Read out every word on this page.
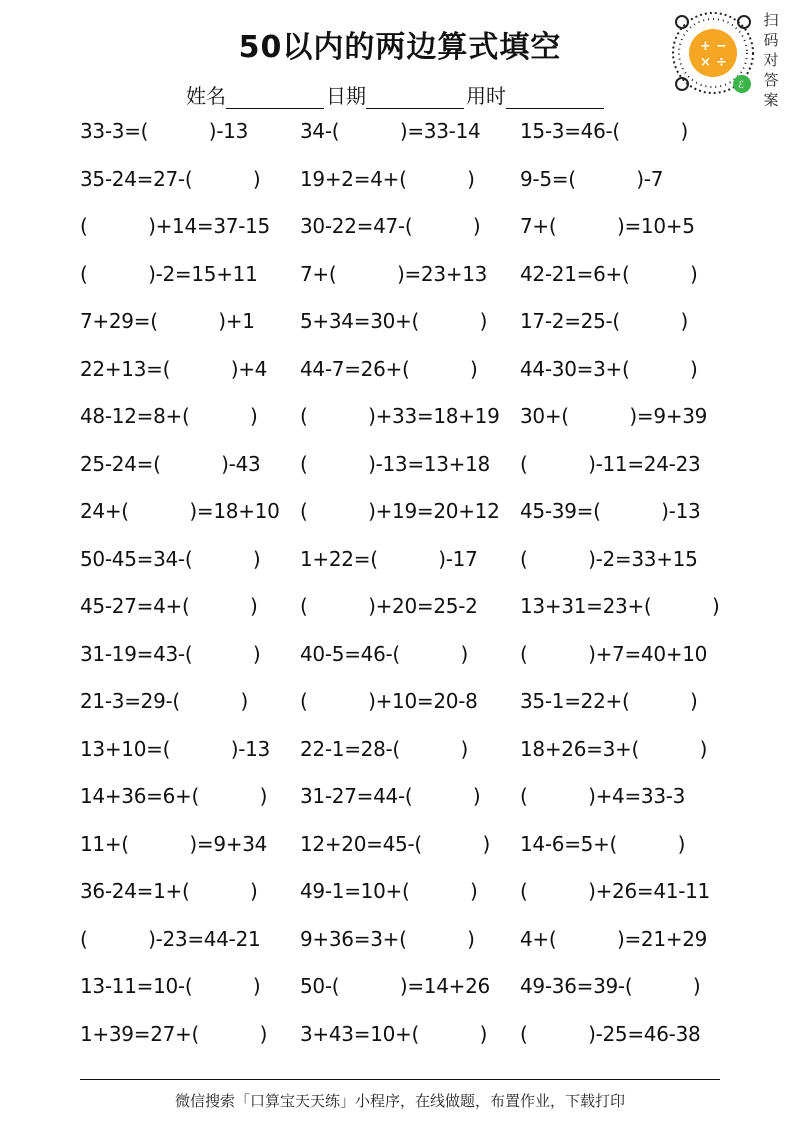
50以内的两边算式填空
姓名	日期	用时
+ −
× ÷
ℰ
扫
码
对
答
案
33-3=(          )-13	34-(          )=33-14 15-3=46-(          )
35-24=27-(          ) 19+2=4+(          ) 9-5=(          )-7
(          )+14=37-15 30-22=47-(          ) 7+(          )=10+5
(          )-2=15+11 7+(          )=23+13 42-21=6+(          )
7+29=(          )+1 5+34=30+(          ) 17-2=25-(          )
22+13=(          )+4 44-7=26+(          ) 44-30=3+(          )
48-12=8+(          ) (          )+33=18+19 30+(          )=9+39
25-24=(          )-43 (          )-13=13+18 (          )-11=24-23
24+(          )=18+10 (          )+19=20+12 45-39=(          )-13
50-45=34-(          ) 1+22=(          )-17 (          )-2=33+15
45-27=4+(          ) (          )+20=25-2 13+31=23+(          )
31-19=43-(          ) 40-5=46-(          )	(          )+7=40+10
21-3=29-(          )	(          )+10=20-8 35-1=22+(          )
13+10=(          )-13 22-1=28-(          )	18+26=3+(          )
14+36=6+(          ) 31-27=44-(          ) (          )+4=33-3
11+(          )=9+34 12+20=45-(          ) 14-6=5+(          )
36-24=1+(          ) 49-1=10+(          ) (          )+26=41-11
(          )-23=44-21 9+36=3+(          ) 4+(          )=21+29
13-11=10-(          ) 50-(          )=14+26 49-36=39-(          )
1+39=27+(          ) 3+43=10+(          ) (          )-25=46-38
微信搜索「口算宝天天练」小程序，在线做题，布置作业，下载打印
